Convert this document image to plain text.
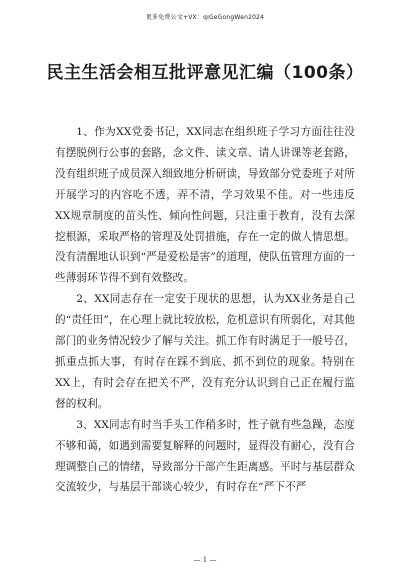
更多免费公文+VX：qiGeGongWen2024
民主生活会相互批评意见汇编（100条）

1、作为XX党委书记，XX同志在组织班子学习方面往往没有摆脱例行公事的套路，念文件、读文章、请人讲课等老套路，没有组织班子成员深入细致地分析研读，导致部分党委班子对所开展学习的内容吃不透，弄不清，学习效果不佳。对一些违反XX规章制度的苗头性、倾向性问题，只注重于教育，没有去深挖根源，采取严格的管理及处罚措施，存在一定的做人情思想。没有清醒地认识到“严是爱松是害”的道理，使队伍管理方面的一些薄弱环节得不到有效整改。

2、XX同志存在一定安于现状的思想，认为XX业务是自己的“责任田”，在心理上就比较放松，危机意识有所弱化，对其他部门的业务情况较少了解与关注。抓工作有时满足于一般号召，抓重点抓大事，有时存在踩不到底、抓不到位的现象。特别在XX上，有时会存在把关不严，没有充分认识到自己正在履行监督的权利。

3、XX同志有时当手头工作稍多时，性子就有些急躁，态度不够和蔼，如遇到需要复解释的问题时，显得没有耐心，没有合理调整自己的情绪，导致部分干部产生距离感。平时与基层群众交流较少，与基层干部谈心较少，有时存在“严下不严

— 1 —
